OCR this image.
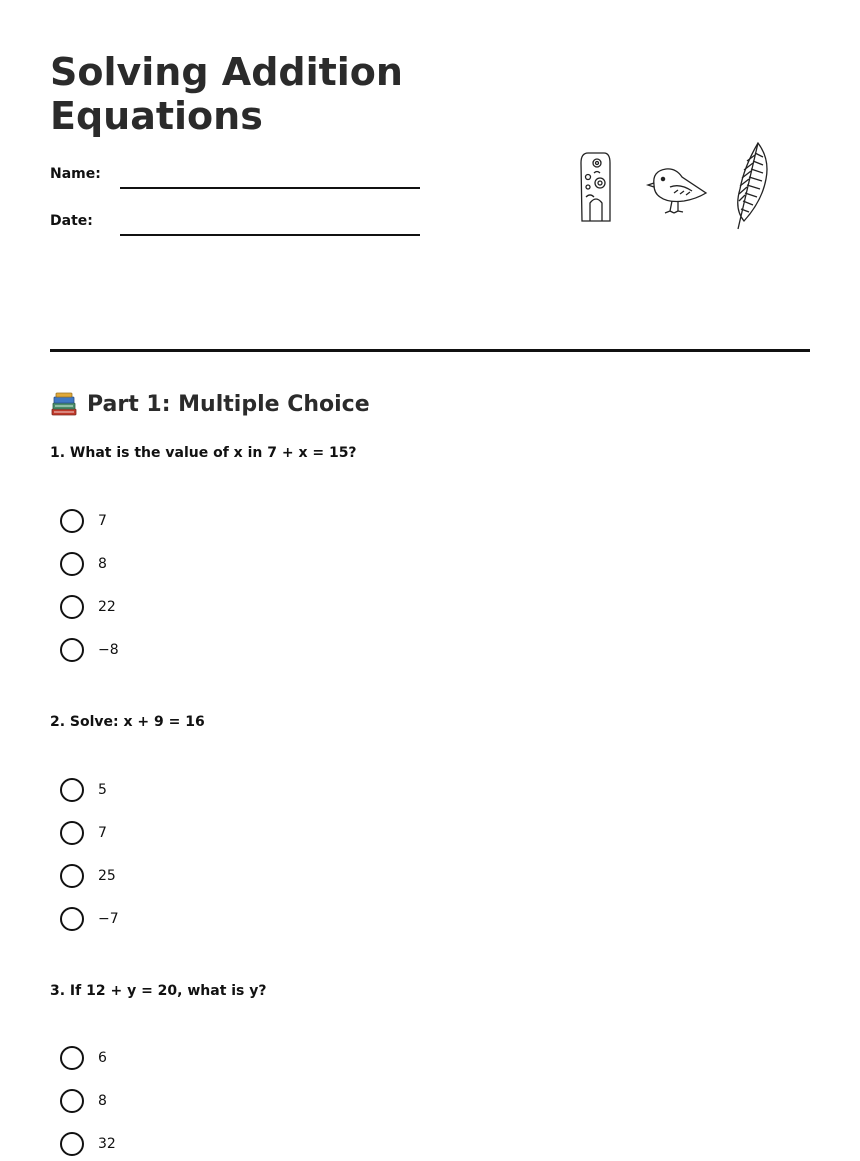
Solving Addition Equations
Name:
Date:
Part 1: Multiple Choice
1. What is the value of x in 7 + x = 15?
7
8
22
−8
2. Solve: x + 9 = 16
5
7
25
−7
3. If 12 + y = 20, what is y?
6
8
32
